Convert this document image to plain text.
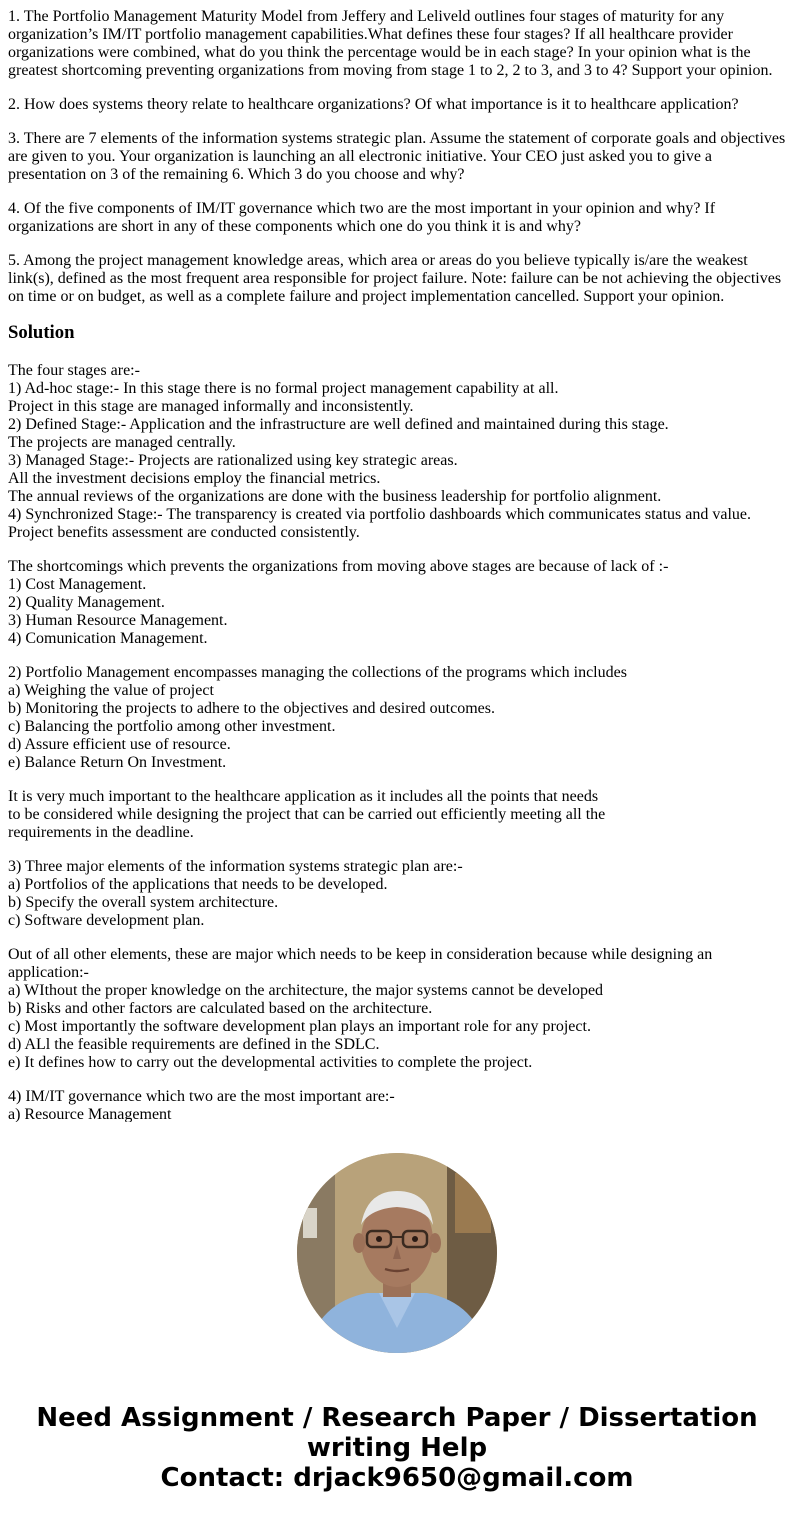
1. The Portfolio Management Maturity Model from Jeffery and Leliveld outlines four stages of maturity for any organization’s IM/IT portfolio management capabilities.What defines these four stages? If all healthcare provider organizations were combined, what do you think the percentage would be in each stage? In your opinion what is the greatest shortcoming preventing organizations from moving from stage 1 to 2, 2 to 3, and 3 to 4? Support your opinion.

2. How does systems theory relate to healthcare organizations? Of what importance is it to healthcare application?

3. There are 7 elements of the information systems strategic plan. Assume the statement of corporate goals and objectives are given to you. Your organization is launching an all electronic initiative. Your CEO just asked you to give a presentation on 3 of the remaining 6. Which 3 do you choose and why?

4. Of the five components of IM/IT governance which two are the most important in your opinion and why? If organizations are short in any of these components which one do you think it is and why?

5. Among the project management knowledge areas, which area or areas do you believe typically is/are the weakest link(s), defined as the most frequent area responsible for project failure. Note: failure can be not achieving the objectives on time or on budget, as well as a complete failure and project implementation cancelled. Support your opinion.

Solution

The four stages are:-
1) Ad-hoc stage:- In this stage there is no formal project management capability at all.
Project in this stage are managed informally and inconsistently.
2) Defined Stage:- Application and the infrastructure are well defined and maintained during this stage.
The projects are managed centrally.
3) Managed Stage:- Projects are rationalized using key strategic areas.
All the investment decisions employ the financial metrics.
The annual reviews of the organizations are done with the business leadership for portfolio alignment.
4) Synchronized Stage:- The transparency is created via portfolio dashboards which communicates status and value.
Project benefits assessment are conducted consistently.

The shortcomings which prevents the organizations from moving above stages are because of lack of :-
1) Cost Management.
2) Quality Management.
3) Human Resource Management.
4) Comunication Management.

2) Portfolio Management encompasses managing the collections of the programs which includes
a) Weighing the value of project
b) Monitoring the projects to adhere to the objectives and desired outcomes.
c) Balancing the portfolio among other investment.
d) Assure efficient use of resource.
e) Balance Return On Investment.

It is very much important to the healthcare application as it includes all the points that needs
to be considered while designing the project that can be carried out efficiently meeting all the
requirements in the deadline.

3) Three major elements of the information systems strategic plan are:-
a) Portfolios of the applications that needs to be developed.
b) Specify the overall system architecture.
c) Software development plan.

Out of all other elements, these are major which needs to be keep in consideration because while designing an application:-
a) WIthout the proper knowledge on the architecture, the major systems cannot be developed
b) Risks and other factors are calculated based on the architecture.
c) Most importantly the software development plan plays an important role for any project.
d) ALl the feasible requirements are defined in the SDLC.
e) It defines how to carry out the developmental activities to complete the project.

4) IM/IT governance which two are the most important are:-
a) Resource Management

Need Assignment / Research Paper / Dissertation
writing Help
Contact: drjack9650@gmail.com
